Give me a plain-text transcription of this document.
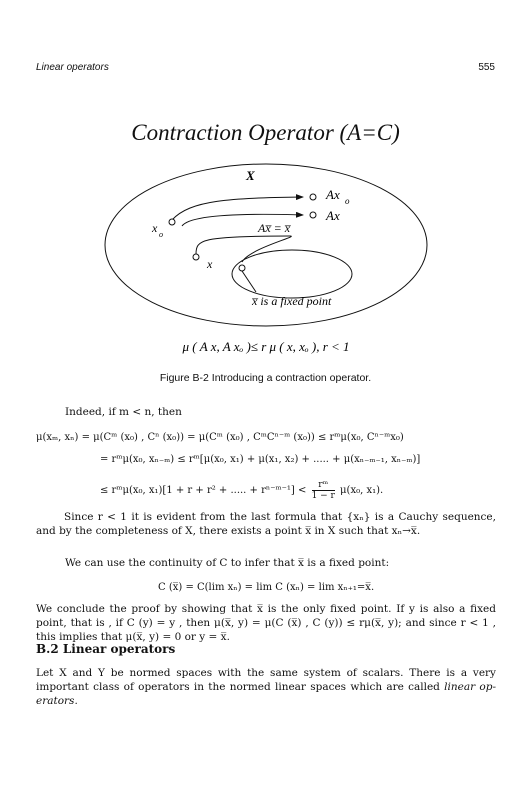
Linear operators	555
Contraction Operator (A=C)
X
Ax o
Ax
x o	Ax̅ = x̅
x
x̅ is a fixed point
μ ( A x, A xₒ )≤ r μ ( x, xₒ ), r < 1
Figure B-2 Introducing a contraction operator.
Indeed, if m < n, then
μ(xₘ, xₙ) = μ(Cᵐ (x₀) , Cⁿ (x₀)) = μ(Cᵐ (x₀) , CᵐCⁿ⁻ᵐ (x₀)) ≤ rᵐμ(x₀, Cⁿ⁻ᵐx₀)
= rᵐμ(x₀, xₙ₋ₘ) ≤ rᵐ[μ(x₀, x₁) + μ(x₁, x₂) + ..... + μ(xₙ₋ₘ₋₁, xₙ₋ₘ)]
≤ rᵐμ(x₀, x₁)[1 + r + r² + ..... + rⁿ⁻ᵐ⁻¹] < $\frac{\text{rᵐ}}{1 - r} \mu(x_0$, x₁).
Since r < 1 it is evident from the last formula that {xₙ} is a Cauchy sequence, and by the completeness of X, there exists a point x̅ in X such that xₙ→x̅.
We can use the continuity of C to infer that x̅ is a fixed point:
C (x̅) = C(lim xₙ) = lim C (xₙ) = lim xₙ₊₁=x̅.
We conclude the proof by showing that x̅ is the only fixed point. If y is also a fixed point, that is , if C (y) = y , then μ(x̅, y) = μ(C (x̅) , C (y)) ≤ rμ(x̅, y); and since r < 1 , this implies that μ(x̅, y) = 0 or y = x̅.
B.2 Linear operators
Let X and Y be normed spaces with the same system of scalars. There is a very important class of operators in the normed linear spaces which are called linear op-erators.
